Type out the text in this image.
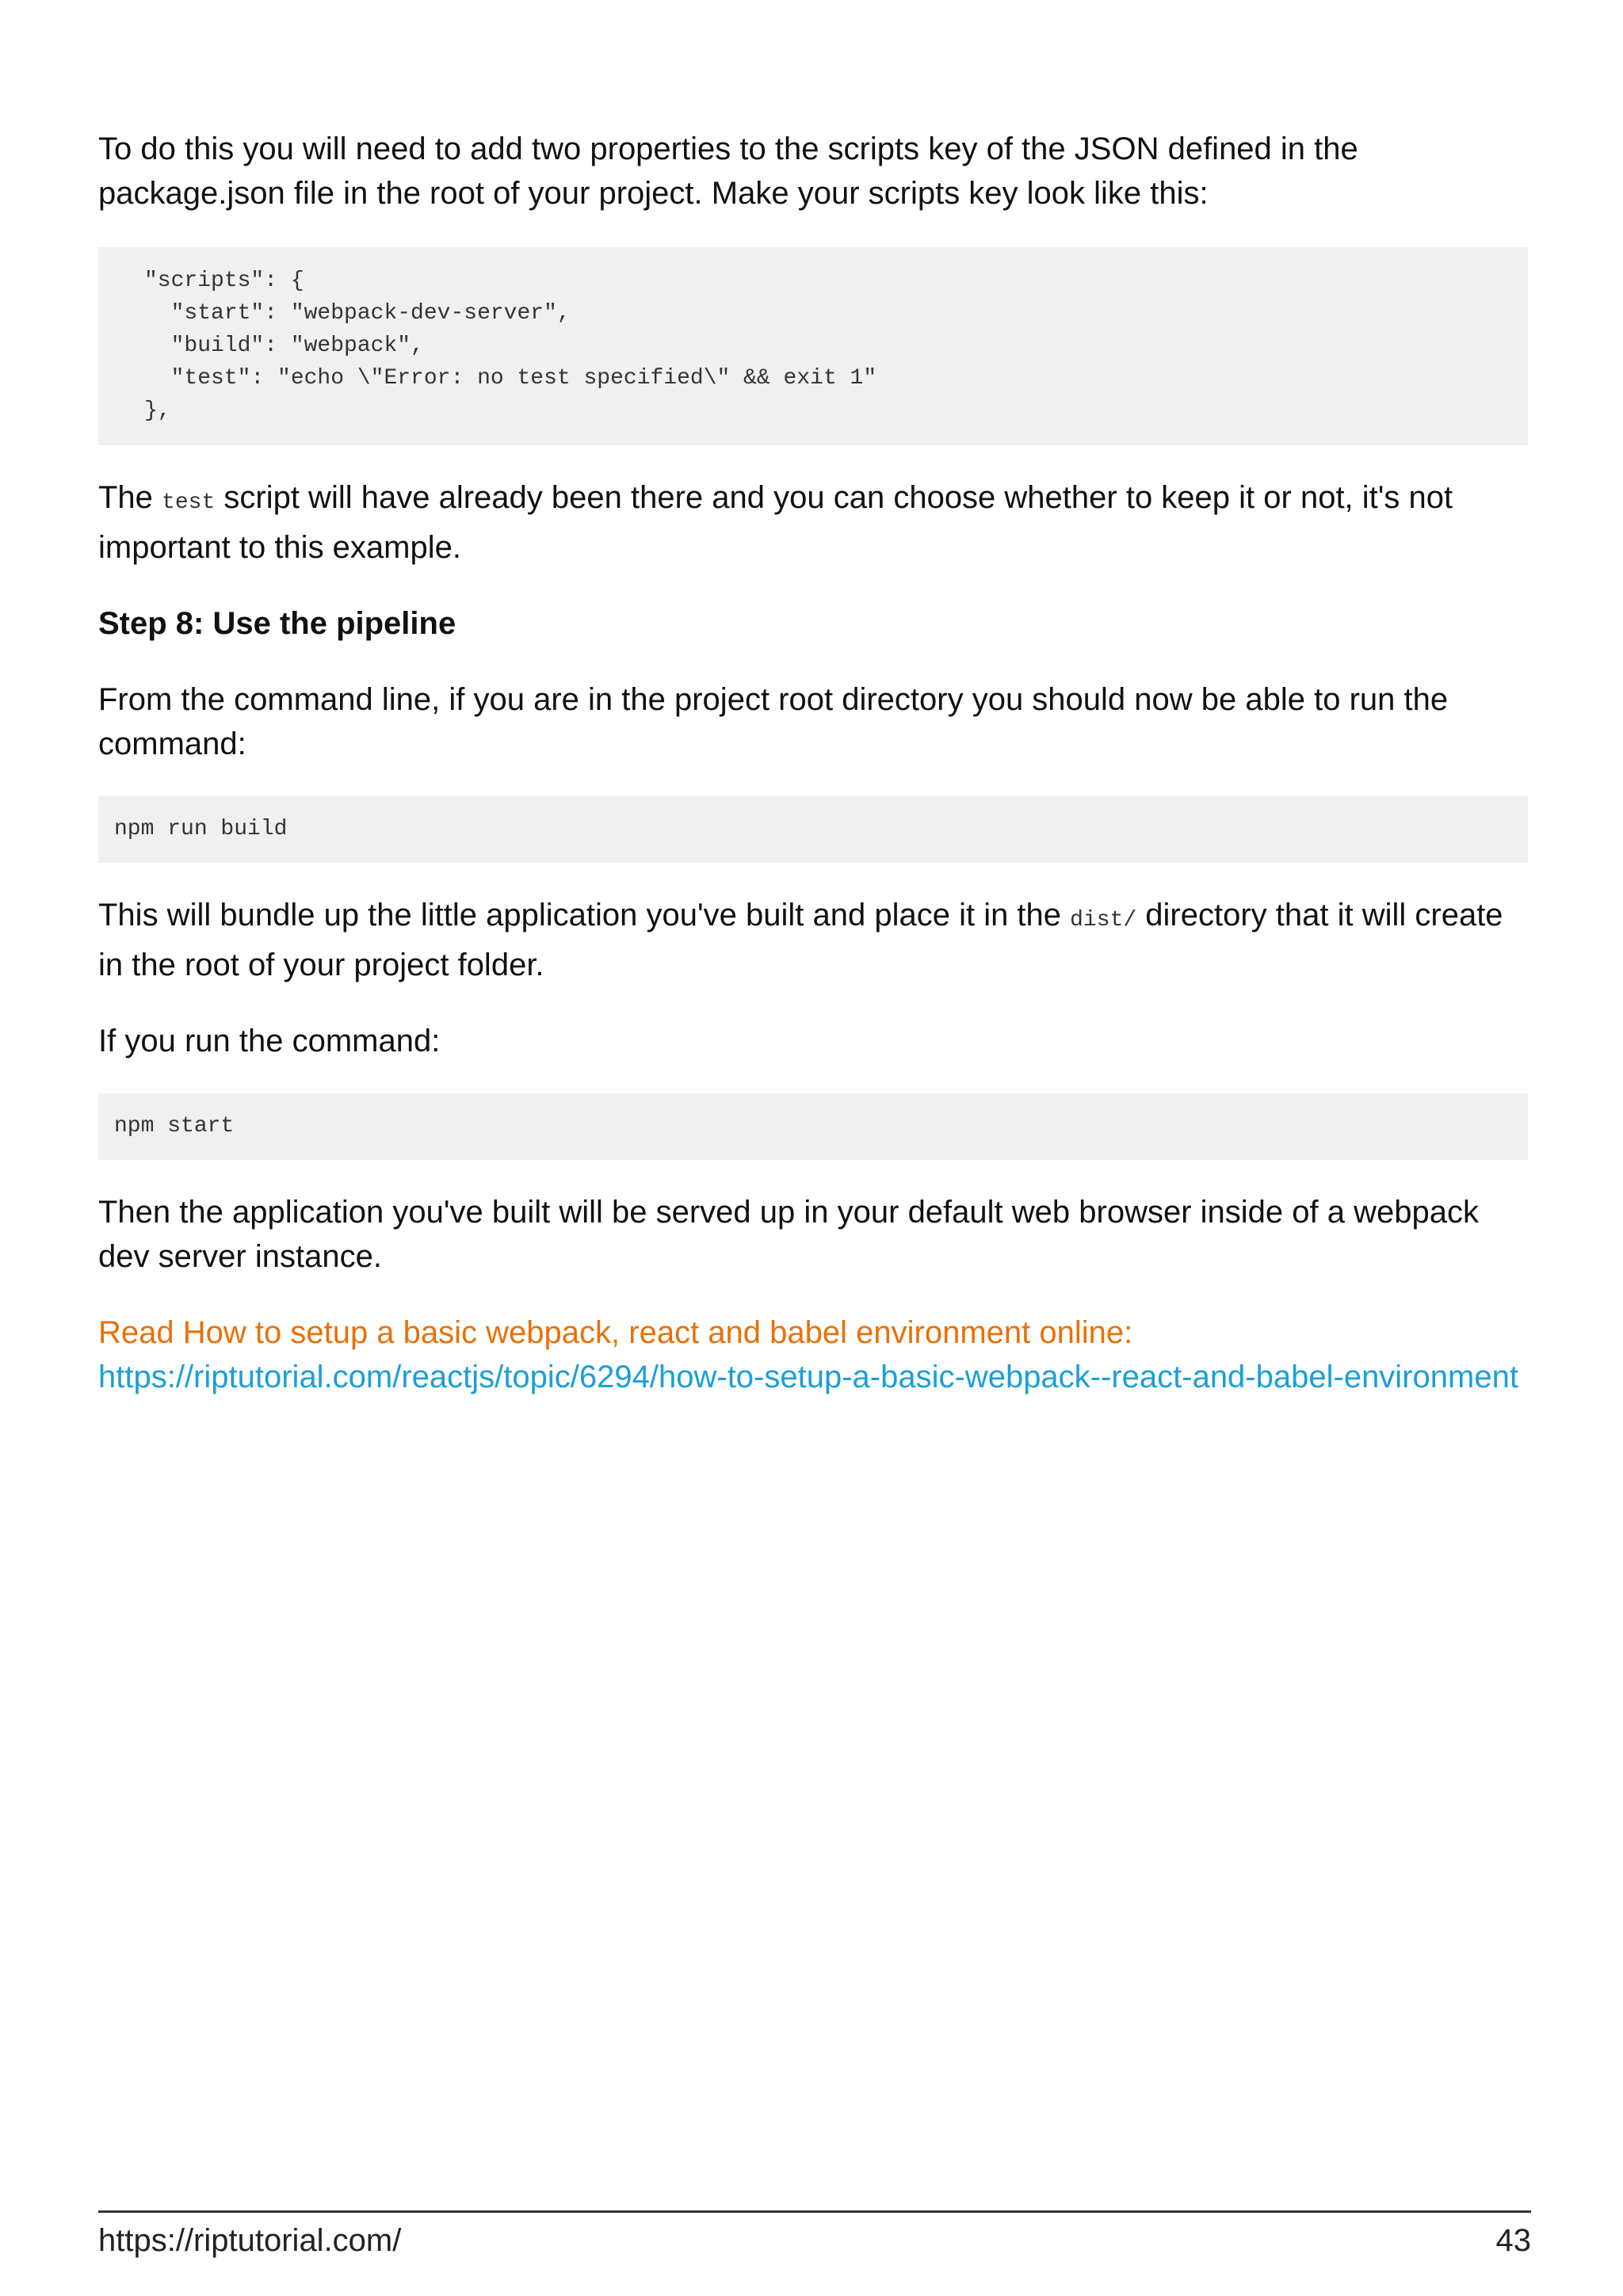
To do this you will need to add two properties to the scripts key of the JSON defined in the package.json file in the root of your project. Make your scripts key look like this:

"scripts": {
"start": "webpack-dev-server",
"build": "webpack",
"test": "echo \"Error: no test specified\" && exit 1"
},

The test script will have already been there and you can choose whether to keep it or not, it's not important to this example.

Step 8: Use the pipeline

From the command line, if you are in the project root directory you should now be able to run the command:

npm run build

This will bundle up the little application you've built and place it in the dist/ directory that it will create in the root of your project folder.

If you run the command:

npm start

Then the application you've built will be served up in your default web browser inside of a webpack dev server instance.

Read How to setup a basic webpack, react and babel environment online:
https://riptutorial.com/reactjs/topic/6294/how-to-setup-a-basic-webpack--react-and-babel-environment

https://riptutorial.com/	43
